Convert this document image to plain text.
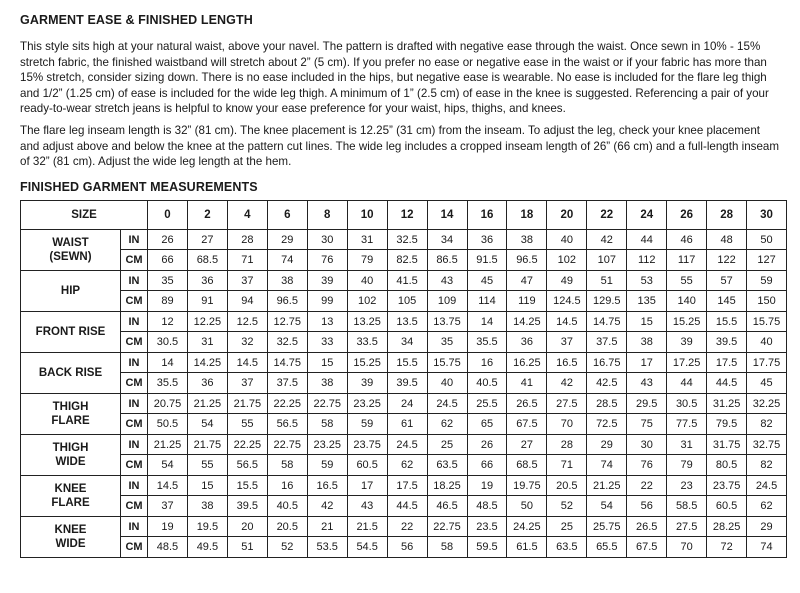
GARMENT EASE & FINISHED LENGTH

This style sits high at your natural waist, above your navel. The pattern is drafted with negative ease through the waist. Once sewn in 10% - 15% stretch fabric, the finished waistband will stretch about 2” (5 cm). If you prefer no ease or negative ease in the waist or if your fabric has more than 15% stretch, consider sizing down. There is no ease included in the hips, but negative ease is wearable. No ease is included for the flare leg thigh and 1/2” (1.25 cm) of ease is included for the wide leg thigh. A minimum of 1” (2.5 cm) of ease in the knee is suggested. Referencing a pair of your ready-to-wear stretch jeans is helpful to know your ease preference for your waist, hips, thighs, and knees.

The flare leg inseam length is 32” (81 cm). The knee placement is 12.25” (31 cm) from the inseam. To adjust the leg, check your knee placement and adjust above and below the knee at the pattern cut lines. The wide leg includes a cropped inseam length of 26” (66 cm) and a full-length inseam of 32” (81 cm). Adjust the wide leg length at the hem.

FINISHED GARMENT MEASUREMENTS
SIZE		0	2	4	6	8	10	12	14	16	18	20	22	24	26	28	30

WAIST
(SEWN)	IN	26	27	28	29	30	31	32.5	34	36	38	40	42	44	46	48	50
	CM	66	68.5	71	74	76	79	82.5	86.5	91.5	96.5	102	107	112	117	122	127

HIP	IN	35	36	37	38	39	40	41.5	43	45	47	49	51	53	55	57	59
	CM	89	91	94	96.5	99	102	105	109	114	119	124.5	129.5	135	140	145	150

FRONT RISE	IN	12	12.25	12.5	12.75	13	13.25	13.5	13.75	14	14.25	14.5	14.75	15	15.25	15.5	15.75
	CM	30.5	31	32	32.5	33	33.5	34	35	35.5	36	37	37.5	38	39	39.5	40

BACK RISE	IN	14	14.25	14.5	14.75	15	15.25	15.5	15.75	16	16.25	16.5	16.75	17	17.25	17.5	17.75
	CM	35.5	36	37	37.5	38	39	39.5	40	40.5	41	42	42.5	43	44	44.5	45

THIGH
FLARE	IN	20.75	21.25	21.75	22.25	22.75	23.25	24	24.5	25.5	26.5	27.5	28.5	29.5	30.5	31.25	32.25
	CM	50.5	54	55	56.5	58	59	61	62	65	67.5	70	72.5	75	77.5	79.5	82

THIGH
WIDE	IN	21.25	21.75	22.25	22.75	23.25	23.75	24.5	25	26	27	28	29	30	31	31.75	32.75
	CM	54	55	56.5	58	59	60.5	62	63.5	66	68.5	71	74	76	79	80.5	82

KNEE
FLARE	IN	14.5	15	15.5	16	16.5	17	17.5	18.25	19	19.75	20.5	21.25	22	23	23.75	24.5
	CM	37	38	39.5	40.5	42	43	44.5	46.5	48.5	50	52	54	56	58.5	60.5	62

KNEE
WIDE	IN	19	19.5	20	20.5	21	21.5	22	22.75	23.5	24.25	25	25.75	26.5	27.5	28.25	29
	CM	48.5	49.5	51	52	53.5	54.5	56	58	59.5	61.5	63.5	65.5	67.5	70	72	74
